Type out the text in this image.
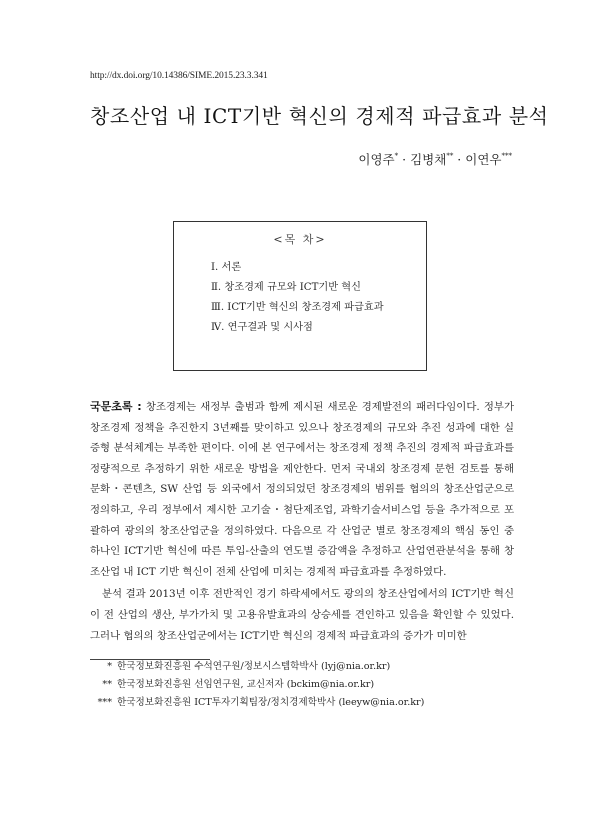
http://dx.doi.org/10.14386/SIME.2015.23.3.341
창조산업 내 ICT기반 혁신의 경제적 파급효과 분석
이영주* · 김병채** · 이연우***
<목 차>
Ⅰ. 서론
Ⅱ. 창조경제 규모와 ICT기반 혁신
Ⅲ. ICT기반 혁신의 창조경제 파급효과
Ⅳ. 연구결과 및 시사점

국문초록 : 창조경제는 새정부 출범과 함께 제시된 새로운 경제발전의 패러다임이다. 정부가 창조경제 정책을 추진한지 3년째를 맞이하고 있으나 창조경제의 규모와 추진 성과에 대한 실증형 분석체계는 부족한 편이다. 이에 본 연구에서는 창조경제 정책 추진의 경제적 파급효과를 정량적으로 추정하기 위한 새로운 방법을 제안한다. 먼저 국내외 창조경제 문헌 검토를 통해 문화・콘텐츠, SW 산업 등 외국에서 정의되었던 창조경제의 범위를 협의의 창조산업군으로 정의하고, 우리 정부에서 제시한 고기술・첨단제조업, 과학기술서비스업 등을 추가적으로 포괄하여 광의의 창조산업군을 정의하였다. 다음으로 각 산업군 별로 창조경제의 핵심 동인 중 하나인 ICT기반 혁신에 따른 투입-산출의 연도별 증감액을 추정하고 산업연관분석을 통해 창조산업 내 ICT 기반 혁신이 전체 산업에 미치는 경제적 파급효과를 추정하였다.

분석 결과 2013년 이후 전반적인 경기 하락세에서도 광의의 창조산업에서의 ICT기반 혁신이 전 산업의 생산, 부가가치 및 고용유발효과의 상승세를 견인하고 있음을 확인할 수 있었다. 그러나 협의의 창조산업군에서는 ICT기반 혁신의 경제적 파급효과의 증가가 미미한

* 한국정보화진흥원 수석연구원/정보시스템학박사 (lyj@nia.or.kr)
** 한국정보화진흥원 선임연구원, 교신저자 (bckim@nia.or.kr)
*** 한국정보화진흥원 ICT투자기획팀장/정치경제학박사 (leeyw@nia.or.kr)
